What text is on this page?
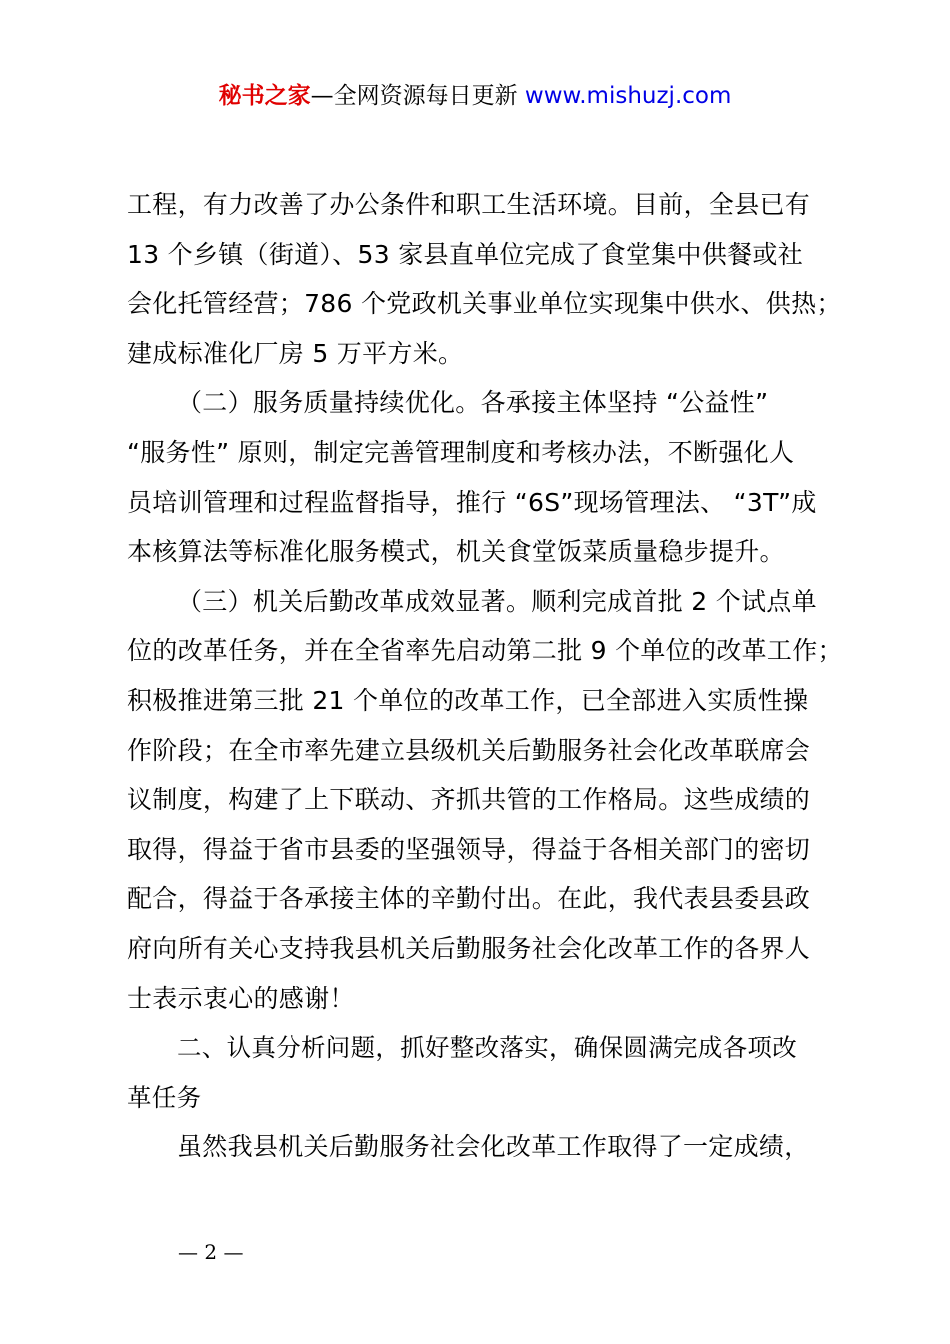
秘书之家—全网资源每日更新 www.mishuzj.com
工程，有力改善了办公条件和职工生活环境。目前，全县已有
13 个乡镇（街道）、53 家县直单位完成了食堂集中供餐或社
会化托管经营；786 个党政机关事业单位实现集中供水、供热；
建成标准化厂房 5 万平方米。
（二）服务质量持续优化。各承接主体坚持 “公益性”
“服务性” 原则，制定完善管理制度和考核办法，不断强化人
员培训管理和过程监督指导，推行 “6S”现场管理法、 “3T”成
本核算法等标准化服务模式，机关食堂饭菜质量稳步提升。
（三）机关后勤改革成效显著。顺利完成首批 2 个试点单
位的改革任务，并在全省率先启动第二批 9 个单位的改革工作；
积极推进第三批 21 个单位的改革工作，已全部进入实质性操
作阶段；在全市率先建立县级机关后勤服务社会化改革联席会
议制度，构建了上下联动、齐抓共管的工作格局。这些成绩的
取得，得益于省市县委的坚强领导，得益于各相关部门的密切
配合，得益于各承接主体的辛勤付出。在此，我代表县委县政
府向所有关心支持我县机关后勤服务社会化改革工作的各界人
士表示衷心的感谢！
二、认真分析问题，抓好整改落实，确保圆满完成各项改
革任务
虽然我县机关后勤服务社会化改革工作取得了一定成绩，
— 2 —
